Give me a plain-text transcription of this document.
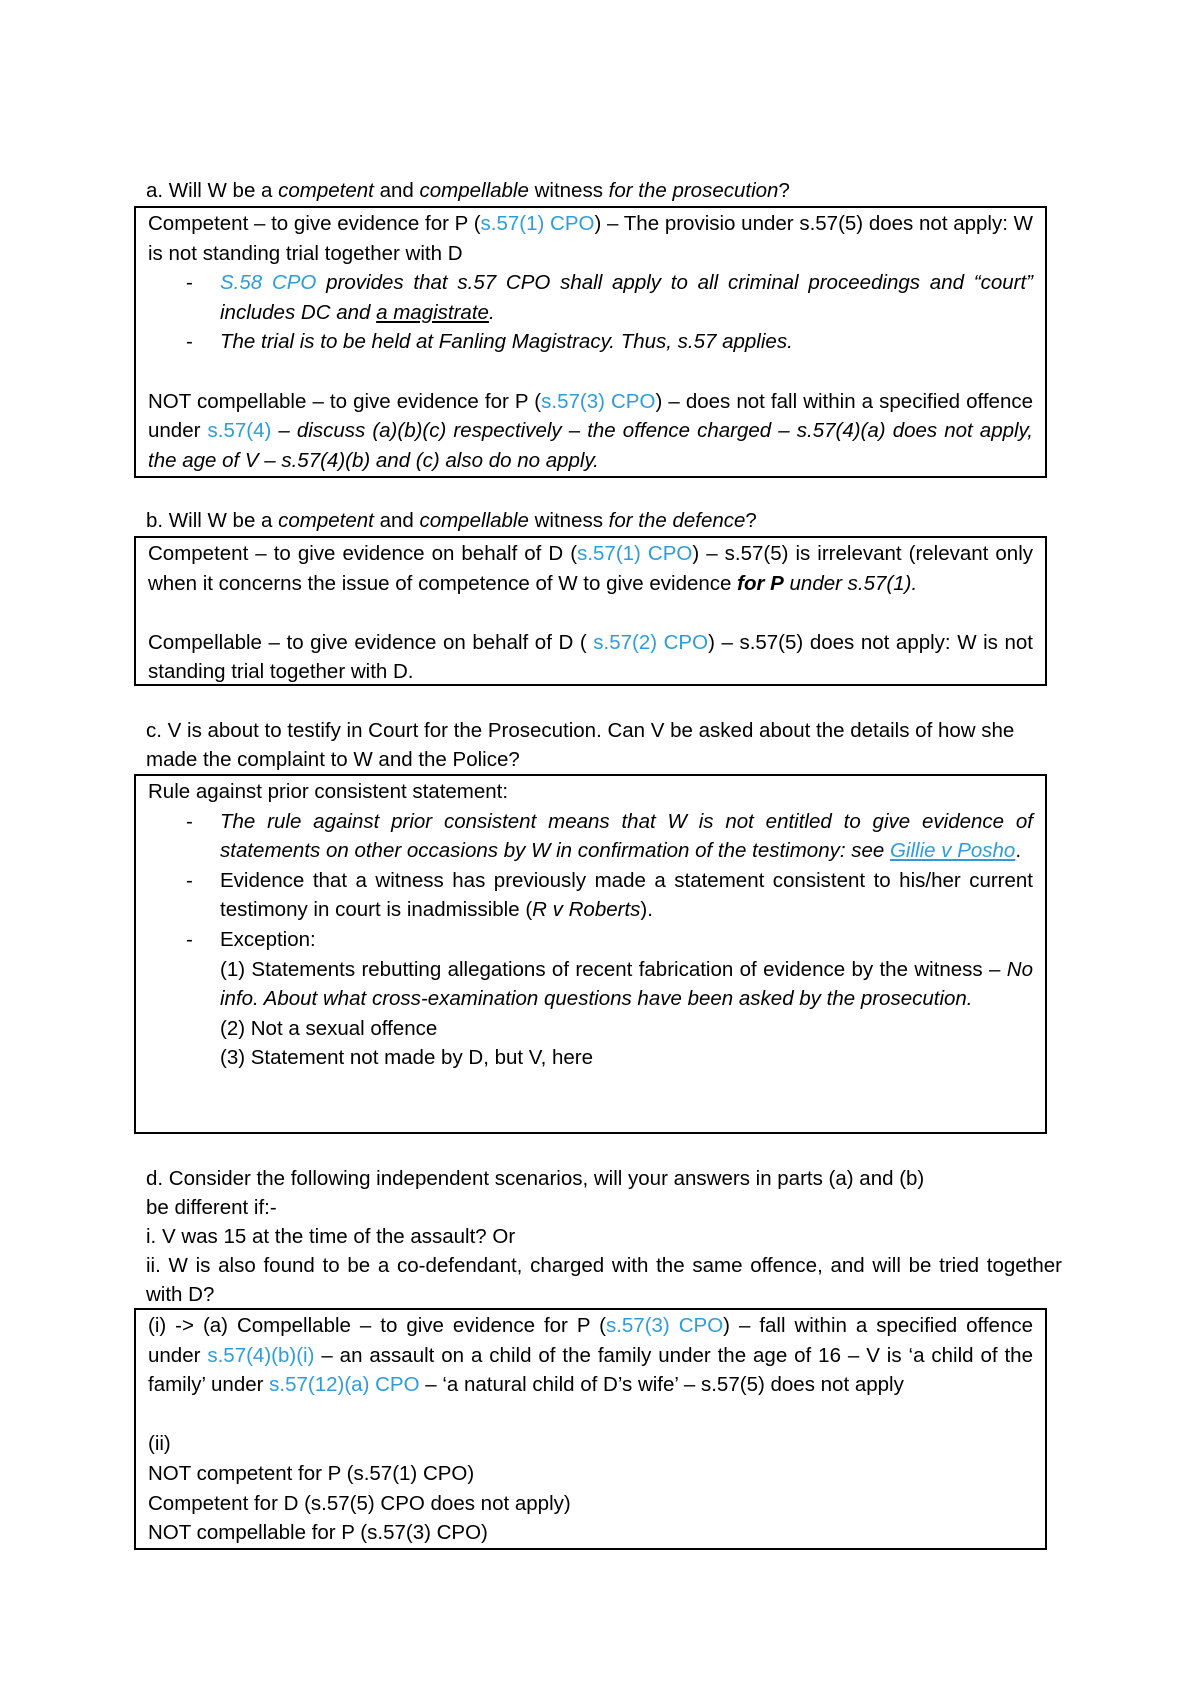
a. Will W be a competent and compellable witness for the prosecution?

Competent – to give evidence for P (s.57(1) CPO) – The provisio under s.57(5) does not apply: W is not standing trial together with D

- S.58 CPO provides that s.57 CPO shall apply to all criminal proceedings and “court” includes DC and a magistrate.
- The trial is to be held at Fanling Magistracy. Thus, s.57 applies.

NOT compellable – to give evidence for P (s.57(3) CPO) – does not fall within a specified offence under s.57(4) – discuss (a)(b)(c) respectively – the offence charged – s.57(4)(a) does not apply, the age of V – s.57(4)(b) and (c) also do no apply.

b. Will W be a competent and compellable witness for the defence?

Competent – to give evidence on behalf of D (s.57(1) CPO) – s.57(5) is irrelevant (relevant only when it concerns the issue of competence of W to give evidence for P under s.57(1).

Compellable – to give evidence on behalf of D ( s.57(2) CPO) – s.57(5) does not apply: W is not standing trial together with D.

c. V is about to testify in Court for the Prosecution. Can V be asked about the details of how she made the complaint to W and the Police?

Rule against prior consistent statement:

- The rule against prior consistent means that W is not entitled to give evidence of statements on other occasions by W in confirmation of the testimony: see Gillie v Posho.
- Evidence that a witness has previously made a statement consistent to his/her current testimony in court is inadmissible (R v Roberts).
- Exception:
(1) Statements rebutting allegations of recent fabrication of evidence by the witness – No info. About what cross-examination questions have been asked by the prosecution.
(2) Not a sexual offence
(3) Statement not made by D, but V, here

d. Consider the following independent scenarios, will your answers in parts (a) and (b)

be different if:-

i. V was 15 at the time of the assault? Or

ii. W is also found to be a co-defendant, charged with the same offence, and will be tried together with D?

(i) -> (a) Compellable – to give evidence for P (s.57(3) CPO) – fall within a specified offence under s.57(4)(b)(i) – an assault on a child of the family under the age of 16 – V is ‘a child of the family’ under s.57(12)(a) CPO – ‘a natural child of D’s wife’ – s.57(5) does not apply

(ii)

NOT competent for P (s.57(1) CPO)

Competent for D (s.57(5) CPO does not apply)

NOT compellable for P (s.57(3) CPO)
